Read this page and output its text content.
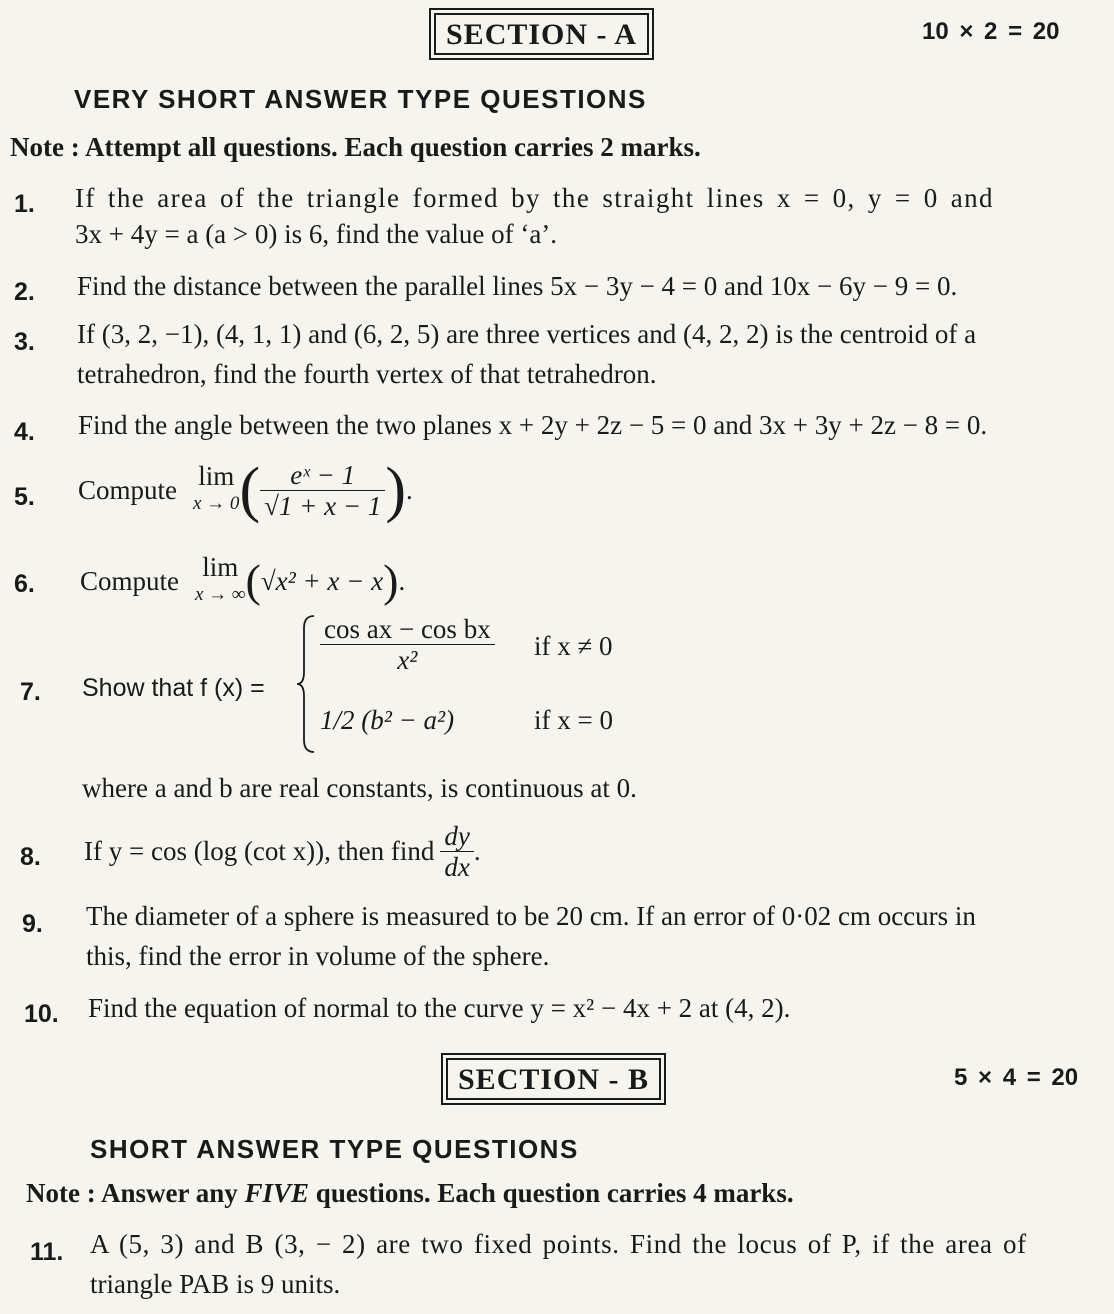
SECTION - A	10 × 2 = 20
VERY SHORT ANSWER TYPE QUESTIONS
Note : Attempt all questions. Each question carries 2 marks.
1. If the area of the triangle formed by the straight lines x = 0, y = 0 and
3x + 4y = a (a > 0) is 6, find the value of ‘a’.
2. Find the distance between the parallel lines 5x − 3y − 4 = 0 and 10x − 6y − 9 = 0.
3. If (3, 2, −1), (4, 1, 1) and (6, 2, 5) are three vertices and (4, 2, 2) is the centroid of a
tetrahedron, find the fourth vertex of that tetrahedron.
4. Find the angle between the two planes x + 2y + 2z − 5 = 0 and 3x + 3y + 2z − 8 = 0.
5. Compute lim
x → 0 ( $\frac{\text{eˣ − 1}}{√1 + x - 1}$ ) .
6. Compute lim
x → ∞ ( √x² + x − x ) .
7. Show that f (x) =
$\frac{\text{cos ax − cos bx}}{\text{x²}}$ if x ≠ 0
1/2 (b² − a²)	if x = 0
where a and b are real constants, is continuous at 0.
8. If y = cos (log (cot x)), then find $\frac{dy}{dx}$ .
9. The diameter of a sphere is measured to be 20 cm. If an error of 0·02 cm occurs in
this, find the error in volume of the sphere.
10. Find the equation of normal to the curve y = x² − 4x + 2 at (4, 2).
SECTION - B	5 × 4 = 20
SHORT ANSWER TYPE QUESTIONS
Note : Answer any FIVE questions. Each question carries 4 marks.
11. A (5, 3) and B (3, − 2) are two fixed points. Find the locus of P, if the area of
triangle PAB is 9 units.
